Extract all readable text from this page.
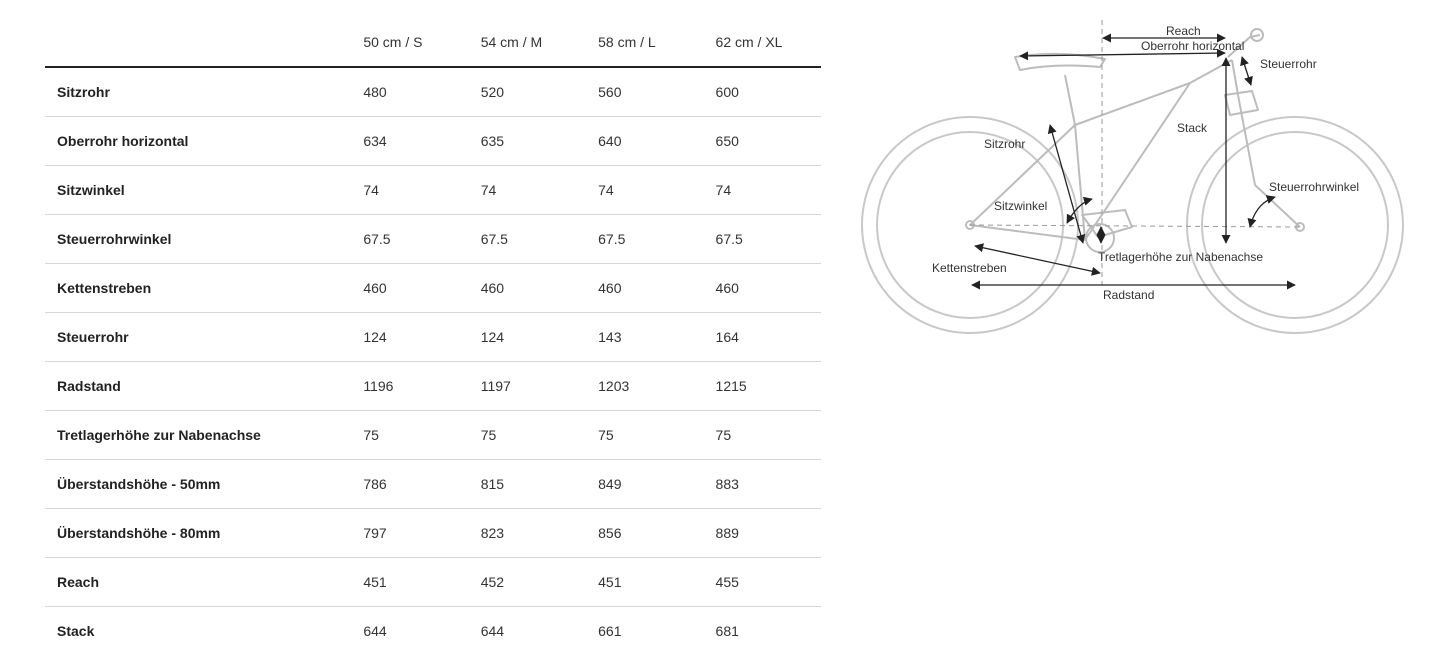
	50 cm / S	54 cm / M	58 cm / L	62 cm / XL
Sitzrohr	480	520	560	600
Oberrohr horizontal	634	635	640	650
Sitzwinkel	74	74	74	74
Steuerrohrwinkel	67.5	67.5	67.5	67.5
Kettenstreben	460	460	460	460
Steuerrohr	124	124	143	164
Radstand	1196	1197	1203	1215
Tretlagerhöhe zur Nabenachse	75	75	75	75
Überstandshöhe - 50mm	786	815	849	883
Überstandshöhe - 80mm	797	823	856	889
Reach	451	452	451	455
Stack	644	644	661	681
Reach
Oberrohr horizontal
Steuerrohr
Stack
Sitzrohr
Steuerrohrwinkel
Sitzwinkel
Tretlagerhöhe zur Nabenachse
Kettenstreben
Radstand
